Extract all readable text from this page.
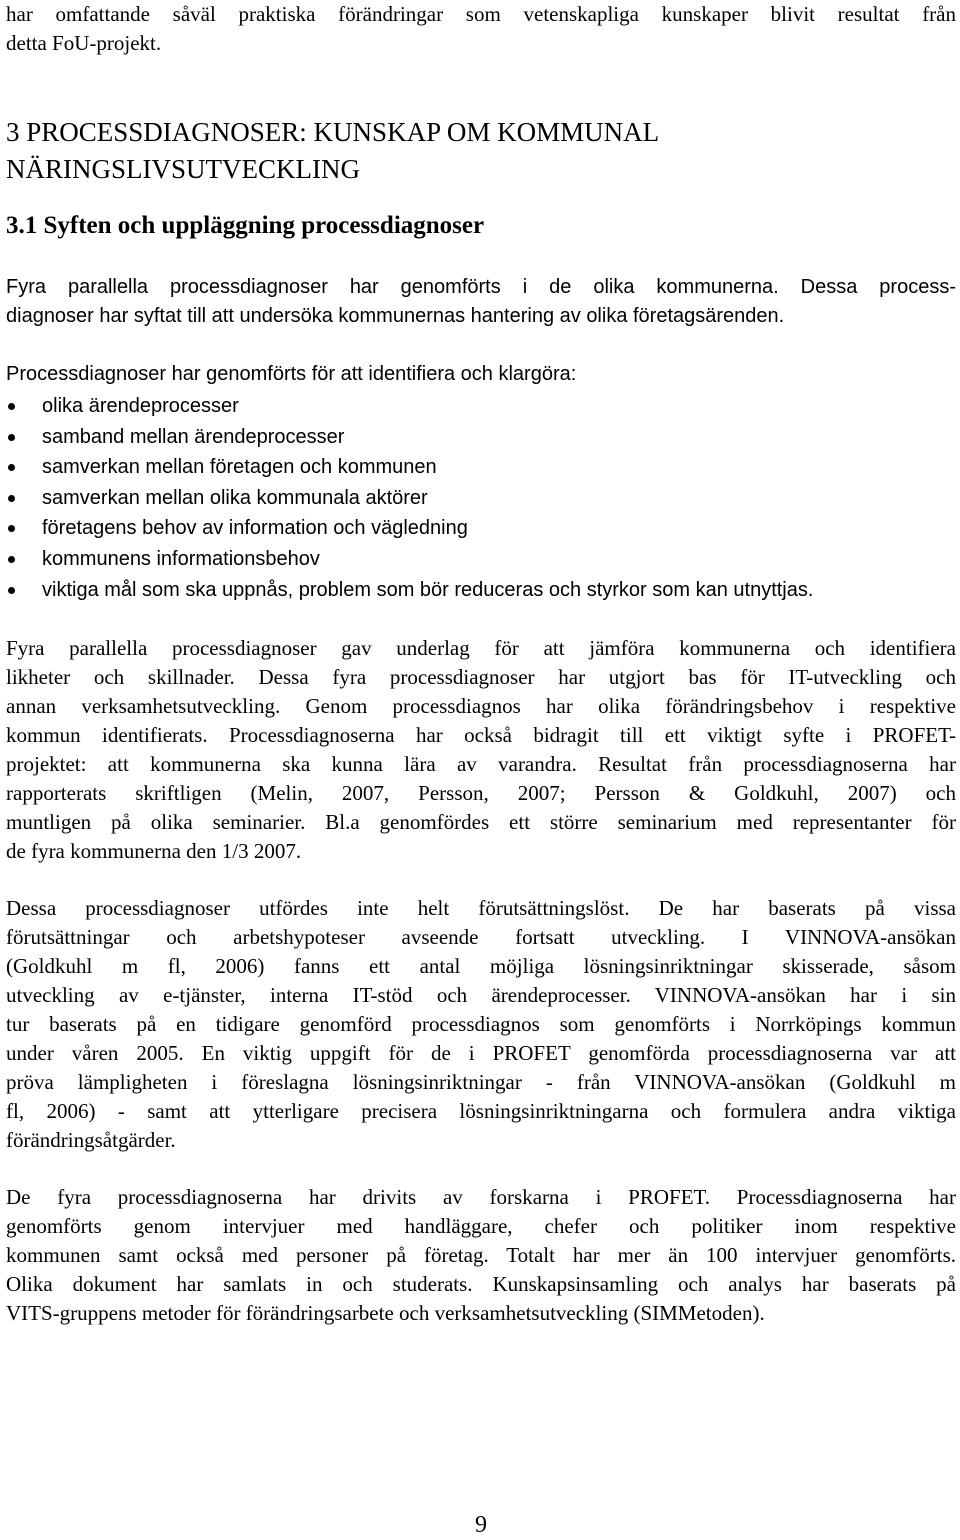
har omfattande såväl praktiska förändringar som vetenskapliga kunskaper blivit resultat från
detta FoU-projekt.
3 PROCESSDIAGNOSER: KUNSKAP OM KOMMUNAL
NÄRINGSLIVSUTVECKLING
3.1 Syften och uppläggning processdiagnoser
Fyra parallella processdiagnoser har genomförts i de olika kommunerna. Dessa process-
diagnoser har syftat till att undersöka kommunernas hantering av olika företagsärenden.
Processdiagnoser har genomförts för att identifiera och klargöra:
olika ärendeprocesser
samband mellan ärendeprocesser
samverkan mellan företagen och kommunen
samverkan mellan olika kommunala aktörer
företagens behov av information och vägledning
kommunens informationsbehov
viktiga mål som ska uppnås, problem som bör reduceras och styrkor som kan utnyttjas.
Fyra parallella processdiagnoser gav underlag för att jämföra kommunerna och identifiera
likheter och skillnader. Dessa fyra processdiagnoser har utgjort bas för IT-utveckling och
annan verksamhetsutveckling. Genom processdiagnos har olika förändringsbehov i respektive
kommun identifierats. Processdiagnoserna har också bidragit till ett viktigt syfte i PROFET-
projektet: att kommunerna ska kunna lära av varandra. Resultat från processdiagnoserna har
rapporterats skriftligen (Melin, 2007, Persson, 2007; Persson & Goldkuhl, 2007) och
muntligen på olika seminarier. Bl.a genomfördes ett större seminarium med representanter för
de fyra kommunerna den 1/3 2007.
Dessa processdiagnoser utfördes inte helt förutsättningslöst. De har baserats på vissa
förutsättningar och arbetshypoteser avseende fortsatt utveckling. I VINNOVA-ansökan
(Goldkuhl m fl, 2006) fanns ett antal möjliga lösningsinriktningar skisserade, såsom
utveckling av e-tjänster, interna IT-stöd och ärendeprocesser. VINNOVA-ansökan har i sin
tur baserats på en tidigare genomförd processdiagnos som genomförts i Norrköpings kommun
under våren 2005. En viktig uppgift för de i PROFET genomförda processdiagnoserna var att
pröva lämpligheten i föreslagna lösningsinriktningar - från VINNOVA-ansökan (Goldkuhl m
fl, 2006) - samt att ytterligare precisera lösningsinriktningarna och formulera andra viktiga
förändringsåtgärder.
De fyra processdiagnoserna har drivits av forskarna i PROFET. Processdiagnoserna har
genomförts genom intervjuer med handläggare, chefer och politiker inom respektive
kommunen samt också med personer på företag. Totalt har mer än 100 intervjuer genomförts.
Olika dokument har samlats in och studerats. Kunskapsinsamling och analys har baserats på
VITS-gruppens metoder för förändringsarbete och verksamhetsutveckling (SIMMetoden).
9
